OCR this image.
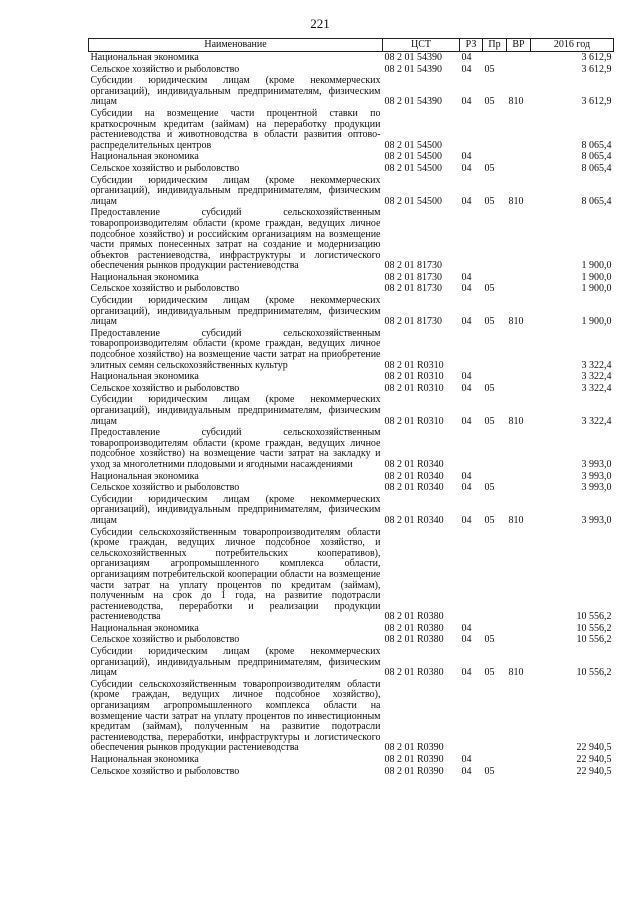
221
Наименование	ЦСТ	РЗ	Пр	ВР	2016 год
Национальная экономика	08 2 01 54390	04			3 612,9
Сельское хозяйство и рыболовство	08 2 01 54390	04	05		3 612,9
Субсидии юридическим лицам (кроме некоммерческих организаций), индивидуальным предпринимателям, физическим лицам	08 2 01 54390	04	05	810	3 612,9
Субсидии на возмещение части процентной ставки по краткосрочным кредитам (займам) на переработку продукции растениеводства и животноводства в области развития оптово-распределительных центров	08 2 01 54500				8 065,4
Национальная экономика	08 2 01 54500	04			8 065,4
Сельское хозяйство и рыболовство	08 2 01 54500	04	05		8 065,4
Субсидии юридическим лицам (кроме некоммерческих организаций), индивидуальным предпринимателям, физическим лицам	08 2 01 54500	04	05	810	8 065,4
Предоставление субсидий сельскохозяйственным товаропроизводителям области (кроме граждан, ведущих личное подсобное хозяйство) и российским организациям на возмещение части прямых понесенных затрат на создание и модернизацию объектов растениеводства, инфраструктуры и логистического обеспечения рынков продукции растениеводства	08 2 01 81730				1 900,0
Национальная экономика	08 2 01 81730	04			1 900,0
Сельское хозяйство и рыболовство	08 2 01 81730	04	05		1 900,0
Субсидии юридическим лицам (кроме некоммерческих организаций), индивидуальным предпринимателям, физическим лицам	08 2 01 81730	04	05	810	1 900,0
Предоставление субсидий сельскохозяйственным товаропроизводителям области (кроме граждан, ведущих личное подсобное хозяйство) на возмещение части затрат на приобретение элитных семян сельскохозяйственных культур	08 2 01 R0310				3 322,4
Национальная экономика	08 2 01 R0310	04			3 322,4
Сельское хозяйство и рыболовство	08 2 01 R0310	04	05		3 322,4
Субсидии юридическим лицам (кроме некоммерческих организаций), индивидуальным предпринимателям, физическим лицам	08 2 01 R0310	04	05	810	3 322,4
Предоставление субсидий сельскохозяйственным товаропроизводителям области (кроме граждан, ведущих личное подсобное хозяйство) на возмещение части затрат на закладку и уход за многолетними плодовыми и ягодными насаждениями	08 2 01 R0340				3 993,0
Национальная экономика	08 2 01 R0340	04			3 993,0
Сельское хозяйство и рыболовство	08 2 01 R0340	04	05		3 993,0
Субсидии юридическим лицам (кроме некоммерческих организаций), индивидуальным предпринимателям, физическим лицам	08 2 01 R0340	04	05	810	3 993,0
Субсидии сельскохозяйственным товаропроизводителям области (кроме граждан, ведущих личное подсобное хозяйство, и сельскохозяйственных потребительских кооперативов), организациям агропромышленного комплекса области, организациям потребительской кооперации области на возмещение части затрат на уплату процентов по кредитам (займам), полученным на срок до 1 года, на развитие подотрасли растениеводства, переработки и реализации продукции растениеводства	08 2 01 R0380				10 556,2
Национальная экономика	08 2 01 R0380	04			10 556,2
Сельское хозяйство и рыболовство	08 2 01 R0380	04	05		10 556,2
Субсидии юридическим лицам (кроме некоммерческих организаций), индивидуальным предпринимателям, физическим лицам	08 2 01 R0380	04	05	810	10 556,2
Субсидии сельскохозяйственным товаропроизводителям области (кроме граждан, ведущих личное подсобное хозяйство), организациям агропромышленного комплекса области на возмещение части затрат на уплату процентов по инвестиционным кредитам (займам), полученным на развитие подотрасли растениеводства, переработки, инфраструктуры и логистического обеспечения рынков продукции растениеводства	08 2 01 R0390				22 940,5
Национальная экономика	08 2 01 R0390	04			22 940,5
Сельское хозяйство и рыболовство	08 2 01 R0390	04	05		22 940,5
